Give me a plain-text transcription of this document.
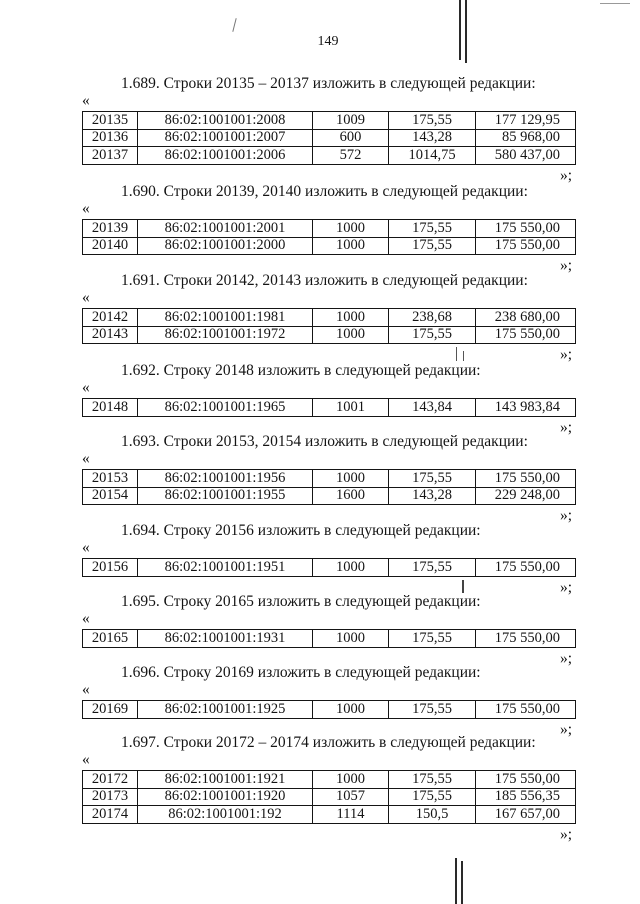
149
1.689. Строки 20135 – 20137 изложить в следующей редакции:
«
20135	86:02:1001001:2008	1009	175,55	177 129,95
20136	86:02:1001001:2007	600	143,28	85 968,00
20137	86:02:1001001:2006	572	1014,75	580 437,00
»;
1.690. Строки 20139, 20140 изложить в следующей редакции:
«
20139	86:02:1001001:2001	1000	175,55	175 550,00
20140	86:02:1001001:2000	1000	175,55	175 550,00
»;
1.691. Строки 20142, 20143 изложить в следующей редакции:
«
20142	86:02:1001001:1981	1000	238,68	238 680,00
20143	86:02:1001001:1972	1000	175,55	175 550,00
»;
1.692. Строку 20148 изложить в следующей редакции:
«
20148	86:02:1001001:1965	1001	143,84	143 983,84
»;
1.693. Строки 20153, 20154 изложить в следующей редакции:
«
20153	86:02:1001001:1956	1000	175,55	175 550,00
20154	86:02:1001001:1955	1600	143,28	229 248,00
»;
1.694. Строку 20156 изложить в следующей редакции:
«
20156	86:02:1001001:1951	1000	175,55	175 550,00
»;
1.695. Строку 20165 изложить в следующей редакции:
«
20165	86:02:1001001:1931	1000	175,55	175 550,00
»;
1.696. Строку 20169 изложить в следующей редакции:
«
20169	86:02:1001001:1925	1000	175,55	175 550,00
»;
1.697. Строки 20172 – 20174 изложить в следующей редакции:
«
20172	86:02:1001001:1921	1000	175,55	175 550,00
20173	86:02:1001001:1920	1057	175,55	185 556,35
20174	86:02:1001001:192	1114	150,5	167 657,00
»;
